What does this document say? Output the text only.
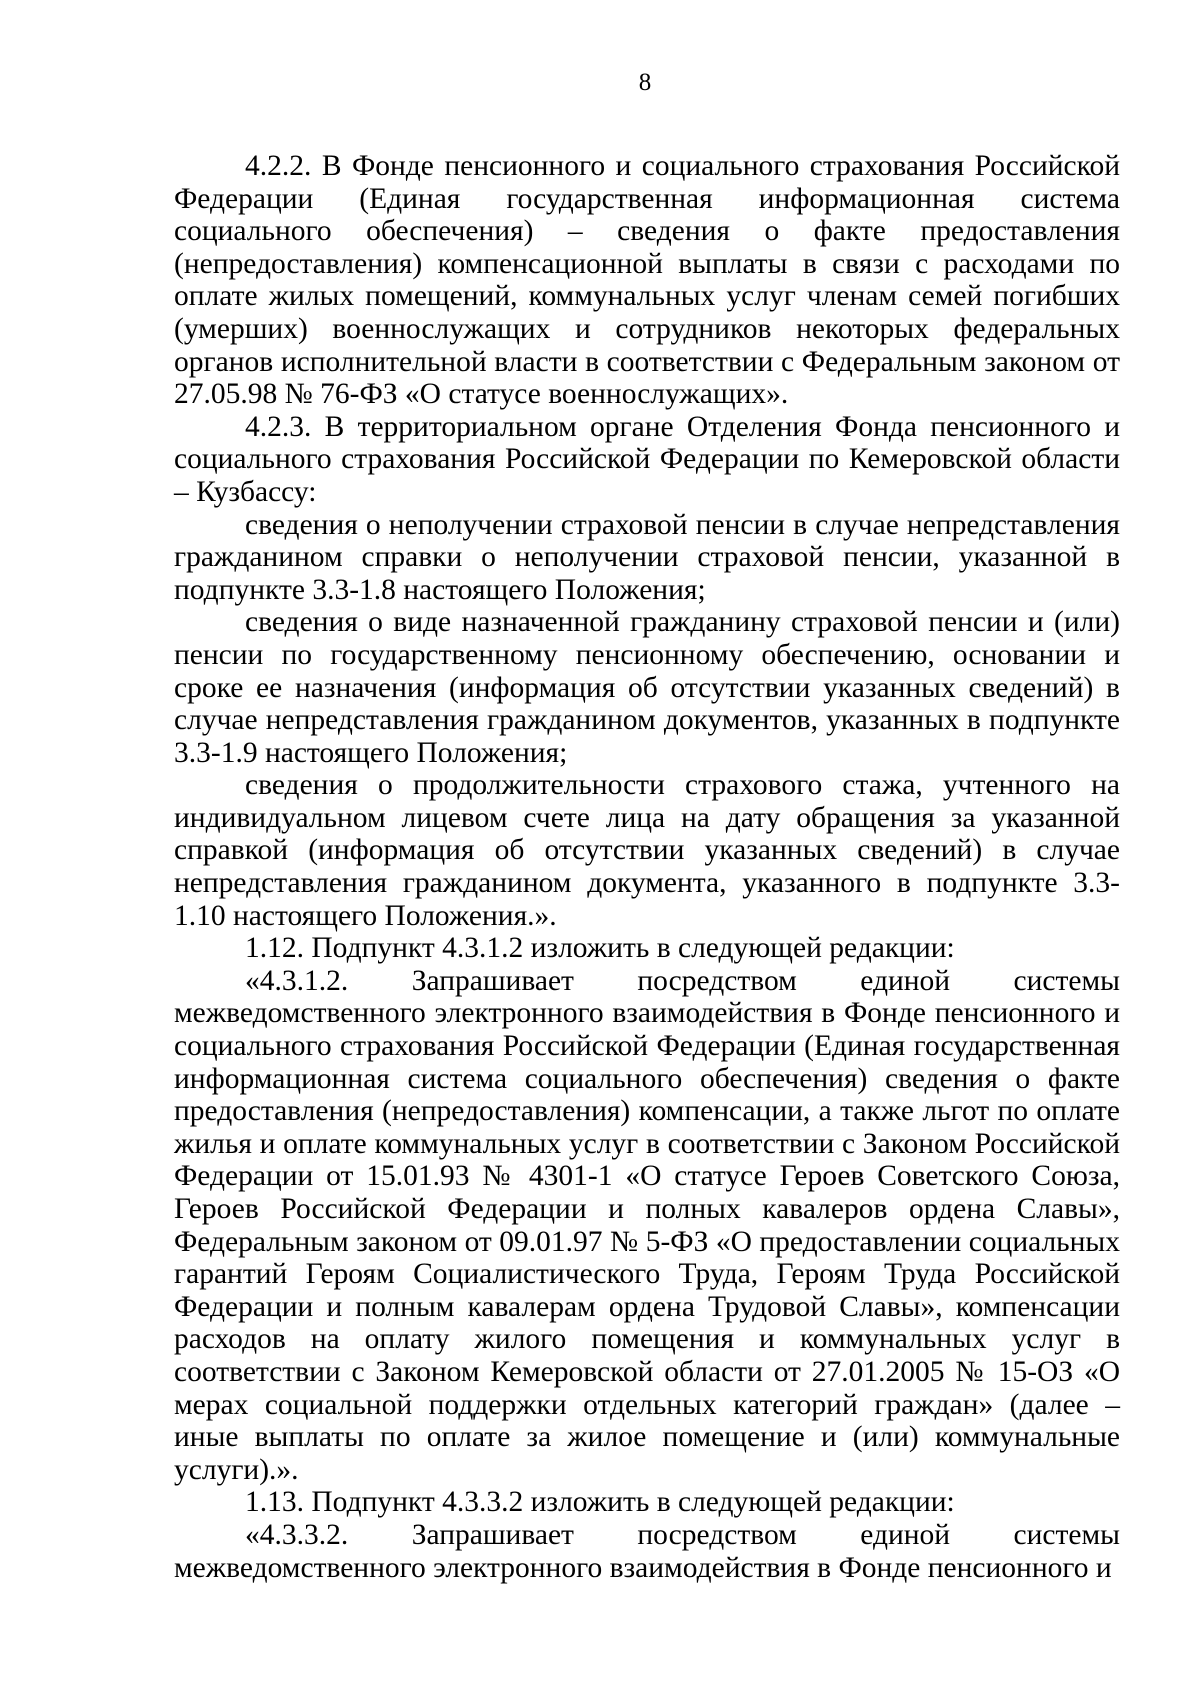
8

4.2.2. В Фонде пенсионного и социального страхования Российской Федерации (Единая государственная информационная система социального обеспечения) – сведения о факте предоставления (непредоставления) компенсационной выплаты в связи с расходами по оплате жилых помещений, коммунальных услуг членам семей погибших (умерших) военнослужащих и сотрудников некоторых федеральных органов исполнительной власти в соответствии с Федеральным законом от 27.05.98 № 76-ФЗ «О статусе военнослужащих».

4.2.3. В территориальном органе Отделения Фонда пенсионного и социального страхования Российской Федерации по Кемеровской области – Кузбассу:

сведения о неполучении страховой пенсии в случае непредставления гражданином справки о неполучении страховой пенсии, указанной в подпункте 3.3-1.8 настоящего Положения;

сведения о виде назначенной гражданину страховой пенсии и (или) пенсии по государственному пенсионному обеспечению, основании и сроке ее назначения (информация об отсутствии указанных сведений) в случае непредставления гражданином документов, указанных в подпункте 3.3-1.9 настоящего Положения;

сведения о продолжительности страхового стажа, учтенного на индивидуальном лицевом счете лица на дату обращения за указанной справкой (информация об отсутствии указанных сведений) в случае непредставления гражданином документа, указанного в подпункте 3.3-1.10 настоящего Положения.».

1.12. Подпункт 4.3.1.2 изложить в следующей редакции:

«4.3.1.2. Запрашивает посредством единой системы межведомственного электронного взаимодействия в Фонде пенсионного и социального страхования Российской Федерации (Единая государственная информационная система социального обеспечения) сведения о факте предоставления (непредоставления) компенсации, а также льгот по оплате жилья и оплате коммунальных услуг в соответствии с Законом Российской Федерации от 15.01.93 № 4301-1 «О статусе Героев Советского Союза, Героев Российской Федерации и полных кавалеров ордена Славы», Федеральным законом от 09.01.97 № 5-ФЗ «О предоставлении социальных гарантий Героям Социалистического Труда, Героям Труда Российской Федерации и полным кавалерам ордена Трудовой Славы», компенсации расходов на оплату жилого помещения и коммунальных услуг в соответствии с Законом Кемеровской области от 27.01.2005 № 15-ОЗ «О мерах социальной поддержки отдельных категорий граждан» (далее – иные выплаты по оплате за жилое помещение и (или) коммунальные услуги).».

1.13. Подпункт 4.3.3.2 изложить в следующей редакции:

«4.3.3.2. Запрашивает посредством единой системы межведомственного электронного взаимодействия в Фонде пенсионного и
